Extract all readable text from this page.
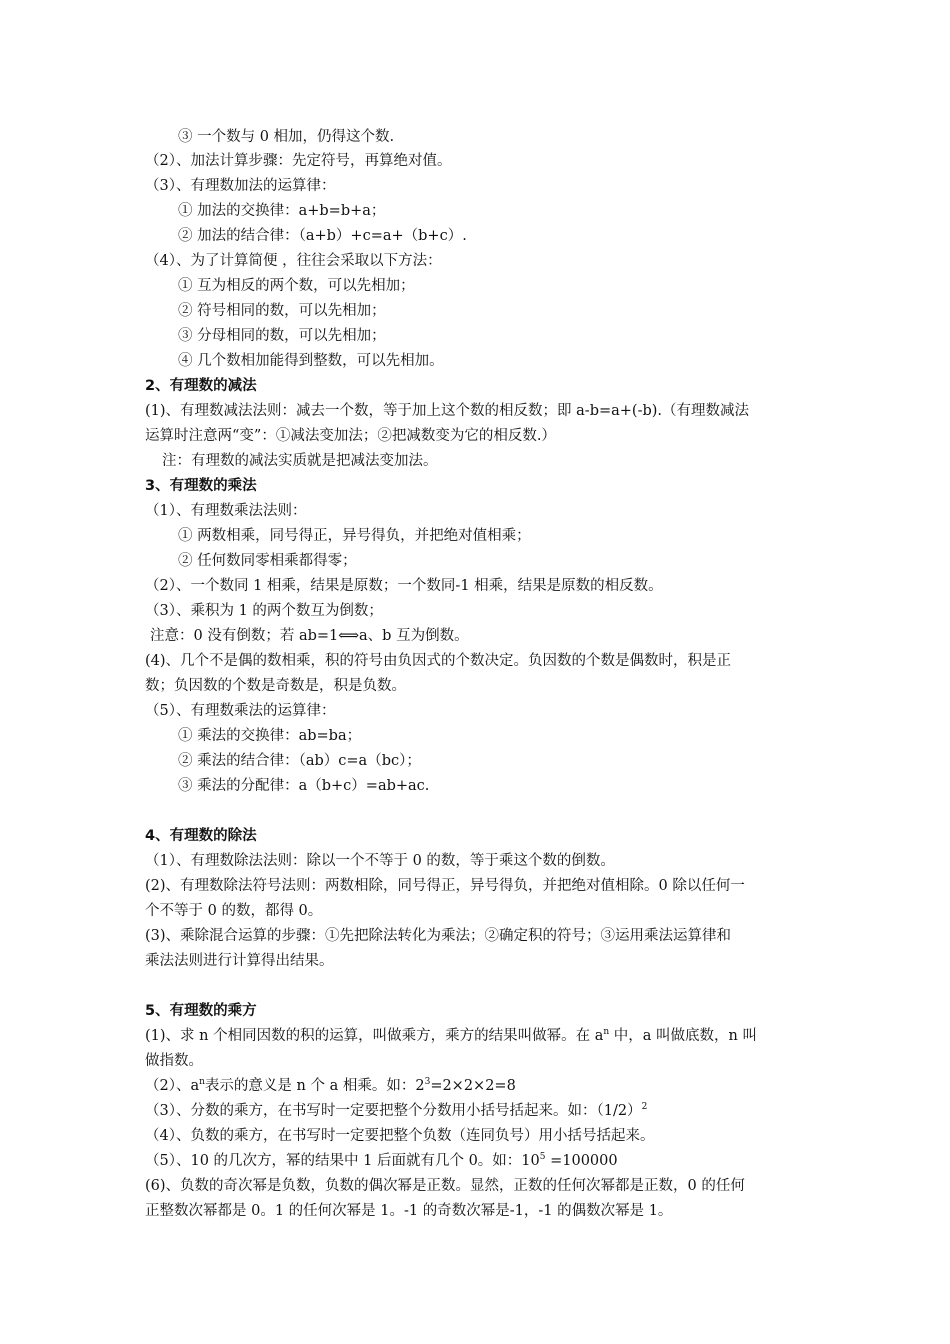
③ 一个数与 0 相加，仍得这个数.
（2）、加法计算步骤：先定符号，再算绝对值。
（3）、有理数加法的运算律：
① 加法的交换律：a+b=b+a；
② 加法的结合律：（a+b）+c=a+（b+c）.
（4）、为了计算简便 ，往往会采取以下方法：
① 互为相反的两个数，可以先相加；
② 符号相同的数，可以先相加；
③ 分母相同的数，可以先相加；
④ 几个数相加能得到整数，可以先相加。
2、有理数的减法
(1)、有理数减法法则：减去一个数，等于加上这个数的相反数；即 a-b=a+(-b).（有理数减法
运算时注意两“变”：①减法变加法；②把减数变为它的相反数.）
注：有理数的减法实质就是把减法变加法。
3、有理数的乘法
（1）、有理数乘法法则：
① 两数相乘，同号得正，异号得负，并把绝对值相乘；
② 任何数同零相乘都得零；
（2）、一个数同 1 相乘，结果是原数；一个数同-1 相乘，结果是原数的相反数。
（3）、乘积为 1 的两个数互为倒数；
注意：0 没有倒数；若 ab=1⟺a、b 互为倒数。
(4)、几个不是偶的数相乘，积的符号由负因式的个数决定。负因数的个数是偶数时，积是正
数；负因数的个数是奇数是，积是负数。
（5）、有理数乘法的运算律：
① 乘法的交换律：ab=ba；
② 乘法的结合律：（ab）c=a（bc）；
③ 乘法的分配律：a（b+c）=ab+ac.
4、有理数的除法
（1）、有理数除法法则：除以一个不等于 0 的数，等于乘这个数的倒数。
(2)、有理数除法符号法则：两数相除，同号得正，异号得负，并把绝对值相除。0 除以任何一
个不等于 0 的数，都得 0。
(3)、乘除混合运算的步骤：①先把除法转化为乘法；②确定积的符号；③运用乘法运算律和
乘法法则进行计算得出结果。
5、有理数的乘方
(1)、求 n 个相同因数的积的运算，叫做乘方，乘方的结果叫做幂。在 $a^n$ 中，a 叫做底数，n 叫
做指数。
（2）、$a^n$表示的意义是 n 个 a 相乘。如：$2^3=2\times 2\times 2=8$
（3）、分数的乘方，在书写时一定要把整个分数用小括号括起来。如：$(1/2)^2$
（4）、负数的乘方，在书写时一定要把整个负数（连同负号）用小括号括起来。
（5）、10 的几次方，幂的结果中 1 后面就有几个 0。如：$10^5 =100000$
(6)、负数的奇次幂是负数，负数的偶次幂是正数。显然，正数的任何次幂都是正数，0 的任何
正整数次幂都是 0。1 的任何次幂是 1。-1 的奇数次幂是-1，-1 的偶数次幂是 1。
